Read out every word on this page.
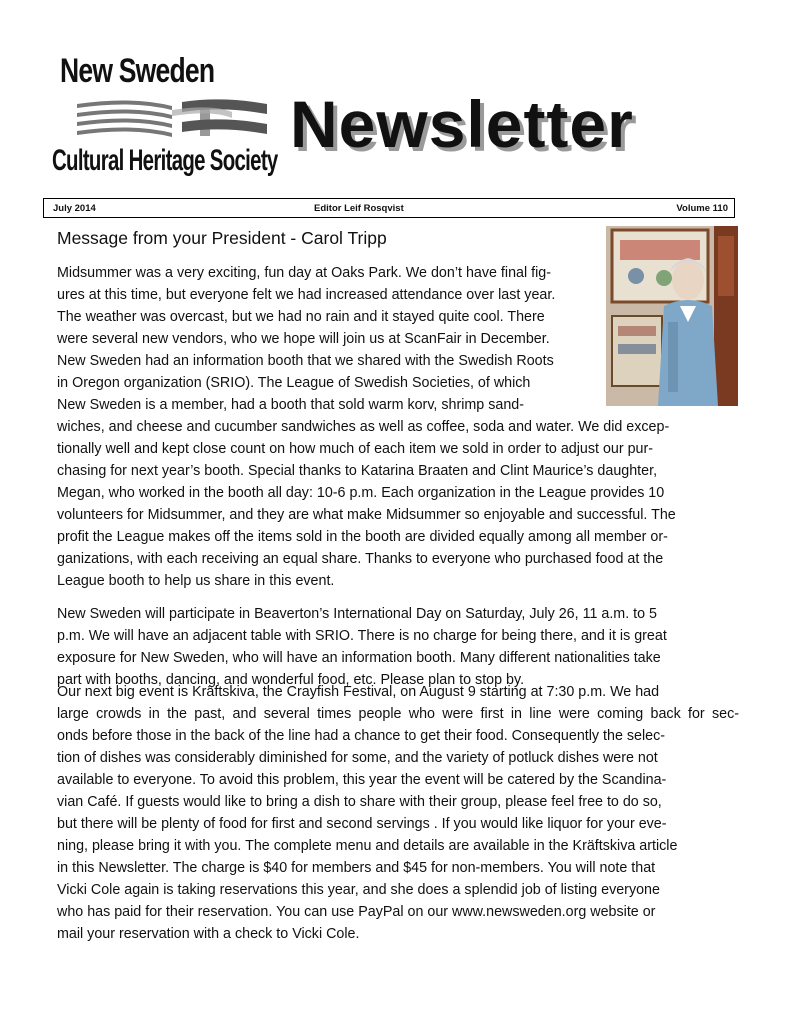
New Sweden
Cultural Heritage Society Newsletter
July 2014	Editor Leif Rosqvist	Volume 110
Message from your President - Carol Tripp
Midsummer was a very exciting, fun day at Oaks Park. We don’t have final fig-
ures at this time, but everyone felt we had increased attendance over last year.
The weather was overcast, but we had no rain and it stayed quite cool. There
were several new vendors, who we hope will join us at ScanFair in December.
New Sweden had an information booth that we shared with the Swedish Roots
in Oregon organization (SRIO). The League of Swedish Societies, of which
New Sweden is a member, had a booth that sold warm korv, shrimp sand-
wiches, and cheese and cucumber sandwiches as well as coffee, soda and water. We did excep-
tionally well and kept close count on how much of each item we sold in order to adjust our pur-
chasing for next year’s booth. Special thanks to Katarina Braaten and Clint Maurice’s daughter,
Megan, who worked in the booth all day: 10-6 p.m. Each organization in the League provides 10
volunteers for Midsummer, and they are what make Midsummer so enjoyable and successful. The
profit the League makes off the items sold in the booth are divided equally among all member or-
ganizations, with each receiving an equal share. Thanks to everyone who purchased food at the
League booth to help us share in this event.
New Sweden will participate in Beaverton’s International Day on Saturday, July 26, 11 a.m. to 5
p.m. We will have an adjacent table with SRIO. There is no charge for being there, and it is great
exposure for New Sweden, who will have an information booth. Many different nationalities take
part with booths, dancing, and wonderful food, etc. Please plan to stop by.
Our next big event is Kräftskiva, the Crayfish Festival, on August 9 starting at 7:30 p.m. We had
large crowds in the past, and several times people who were first in line were coming back for sec-
onds before those in the back of the line had a chance to get their food. Consequently the selec-
tion of dishes was considerably diminished for some, and the variety of potluck dishes were not
available to everyone. To avoid this problem, this year the event will be catered by the Scandina-
vian Café. If guests would like to bring a dish to share with their group, please feel free to do so,
but there will be plenty of food for first and second servings . If you would like liquor for your eve-
ning, please bring it with you. The complete menu and details are available in the Kräftskiva article
in this Newsletter. The charge is $40 for members and $45 for non-members. You will note that
Vicki Cole again is taking reservations this year, and she does a splendid job of listing everyone
who has paid for their reservation. You can use PayPal on our www.newsweden.org website or
mail your reservation with a check to Vicki Cole.
